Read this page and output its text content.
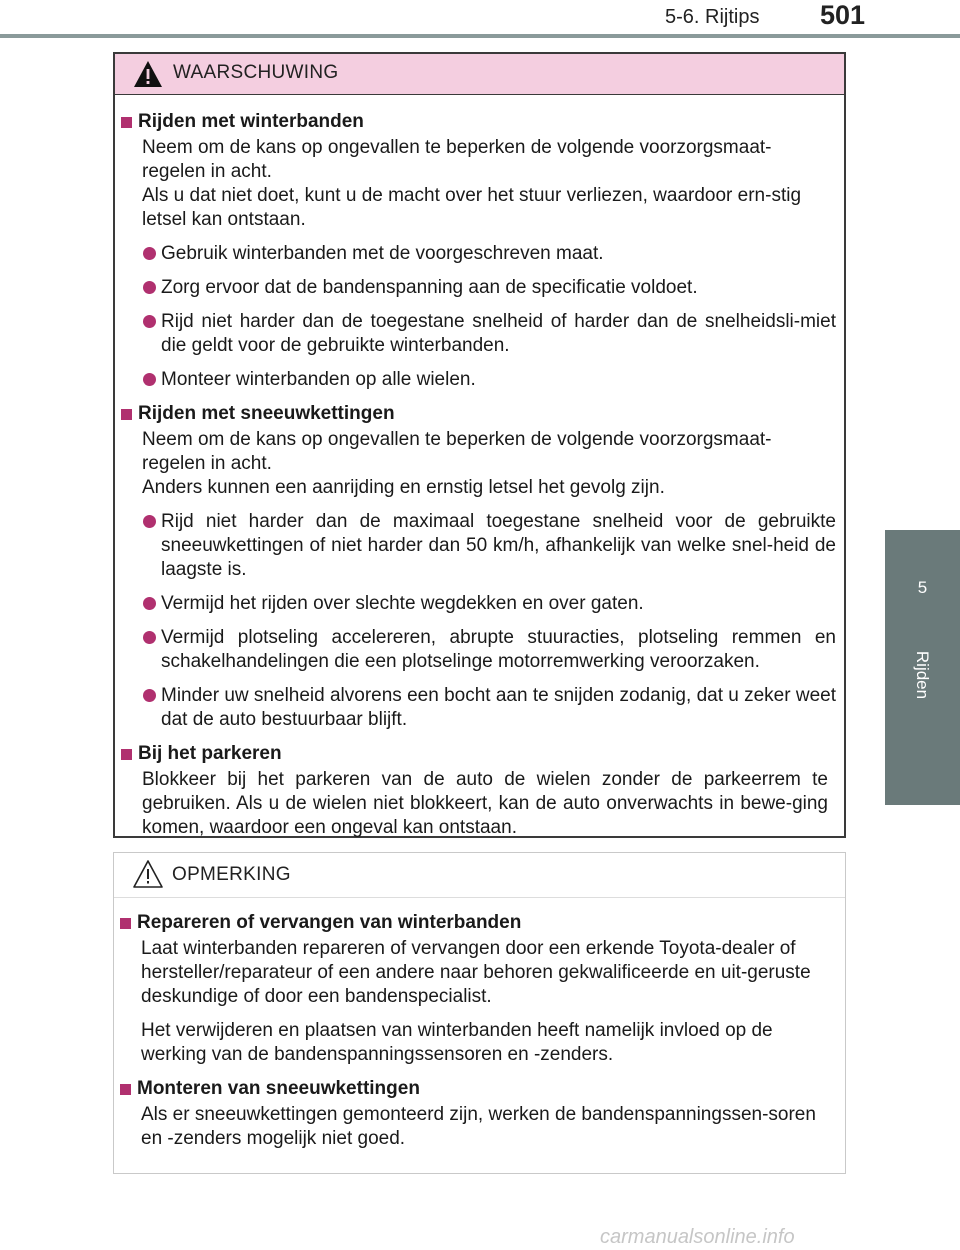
5-6. Rijtips 501
5
Rijden
WAARSCHUWING
Rijden met winterbanden

Neem om de kans op ongevallen te beperken de volgende voorzorgsmaat-regelen in acht.

Als u dat niet doet, kunt u de macht over het stuur verliezen, waardoor ern-stig letsel kan ontstaan.

Gebruik winterbanden met de voorgeschreven maat.
Zorg ervoor dat de bandenspanning aan de specificatie voldoet.
Rijd niet harder dan de toegestane snelheid of harder dan de snelheidsli-miet die geldt voor de gebruikte winterbanden.
Monteer winterbanden op alle wielen.
Rijden met sneeuwkettingen

Neem om de kans op ongevallen te beperken de volgende voorzorgsmaat-regelen in acht.

Anders kunnen een aanrijding en ernstig letsel het gevolg zijn.

Rijd niet harder dan de maximaal toegestane snelheid voor de gebruikte sneeuwkettingen of niet harder dan 50 km/h, afhankelijk van welke snel-heid de laagste is.
Vermijd het rijden over slechte wegdekken en over gaten.
Vermijd plotseling accelereren, abrupte stuuracties, plotseling remmen en schakelhandelingen die een plotselinge motorremwerking veroorzaken.
Minder uw snelheid alvorens een bocht aan te snijden zodanig, dat u zeker weet dat de auto bestuurbaar blijft.
Bij het parkeren

Blokkeer bij het parkeren van de auto de wielen zonder de parkeerrem te gebruiken. Als u de wielen niet blokkeert, kan de auto onverwachts in bewe-ging komen, waardoor een ongeval kan ontstaan.

OPMERKING
Repareren of vervangen van winterbanden

Laat winterbanden repareren of vervangen door een erkende Toyota-dealer of hersteller/reparateur of een andere naar behoren gekwalificeerde en uit-geruste deskundige of door een bandenspecialist.

Het verwijderen en plaatsen van winterbanden heeft namelijk invloed op de werking van de bandenspanningssensoren en -zenders.

Monteren van sneeuwkettingen

Als er sneeuwkettingen gemonteerd zijn, werken de bandenspanningssen-soren en -zenders mogelijk niet goed.

carmanualsonline.info
